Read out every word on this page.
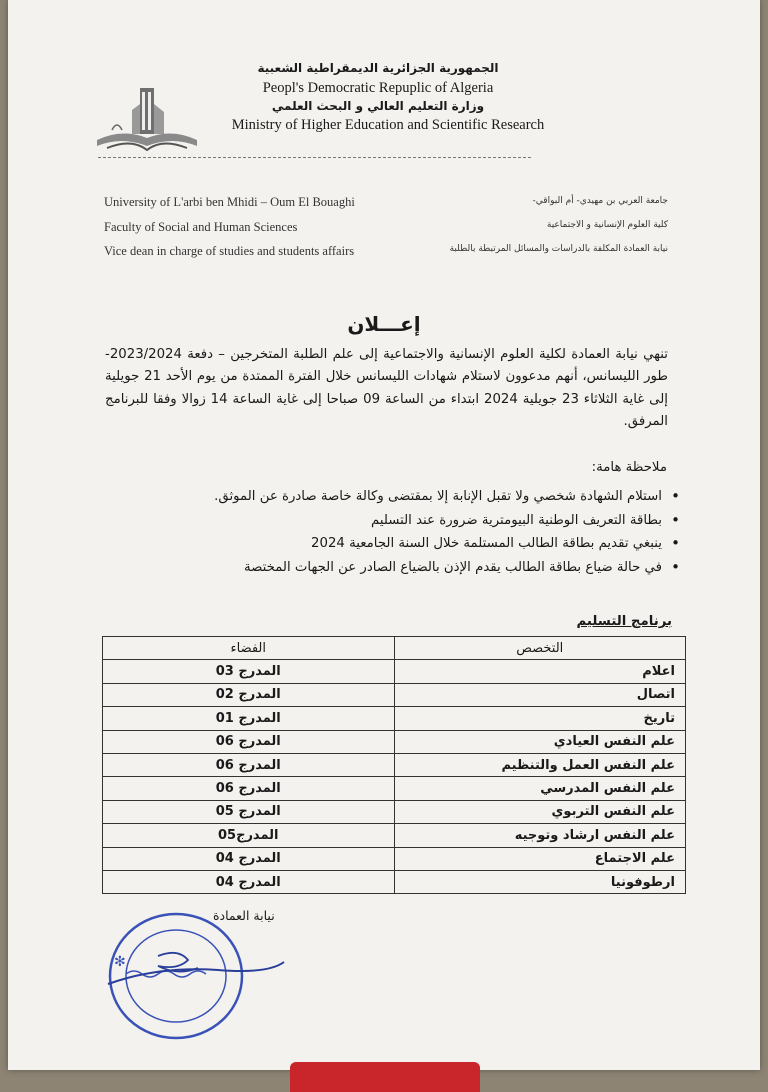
الجمهورية الجزائرية الديمقراطية الشعبية
Peopl's Democratic Repuplic of Algeria
وزارة التعليم العالي و البحث العلمي
Ministry of Higher Education and Scientific Research
University of L'arbi ben Mhidi – Oum El Bouaghi
Faculty of Social and Human Sciences
Vice dean in charge of studies and students affairs
جامعة العربي بن مهيدي- أم البواقي-
كلية العلوم الإنسانية و الاجتماعية
نيابة العمادة المكلفة بالدراسات والمسائل المرتبطة بالطلبة
إعـــلان
تنهي نيابة العمادة لكلية العلوم الإنسانية والاجتماعية إلى علم الطلبة المتخرجين – دفعة 2023/2024- طور الليسانس، أنهم مدعوون لاستلام شهادات الليسانس خلال الفترة الممتدة من يوم الأحد 21 جويلية إلى غاية الثلاثاء 23 جويلية 2024 ابتداء من الساعة 09 صباحا إلى غاية الساعة 14 زوالا وفقا للبرنامج المرفق.
ملاحظة هامة:
• استلام الشهادة شخصي ولا تقبل الإنابة إلا بمقتضى وكالة خاصة صادرة عن الموثق.
• بطاقة التعريف الوطنية البيومترية ضرورة عند التسليم
• ينبغي تقديم بطاقة الطالب المستلمة خلال السنة الجامعية 2024
• في حالة ضياع بطاقة الطالب يقدم الإذن بالضياع الصادر عن الجهات المختصة
برنامج التسليم
التخصص	الفضاء
اعلام	المدرج 03
اتصال	المدرج 02
تاريخ	المدرج 01
علم النفس العيادي	المدرج 06
علم النفس العمل والتنظيم	المدرج 06
علم النفس المدرسي	المدرج 06
علم النفس التربوي	المدرج 05
علم النفس ارشاد وتوجيه	المدرج05
علم الاجتماع	المدرج 04
ارطوفونيا	المدرج 04
✻
نيابة العمادة
